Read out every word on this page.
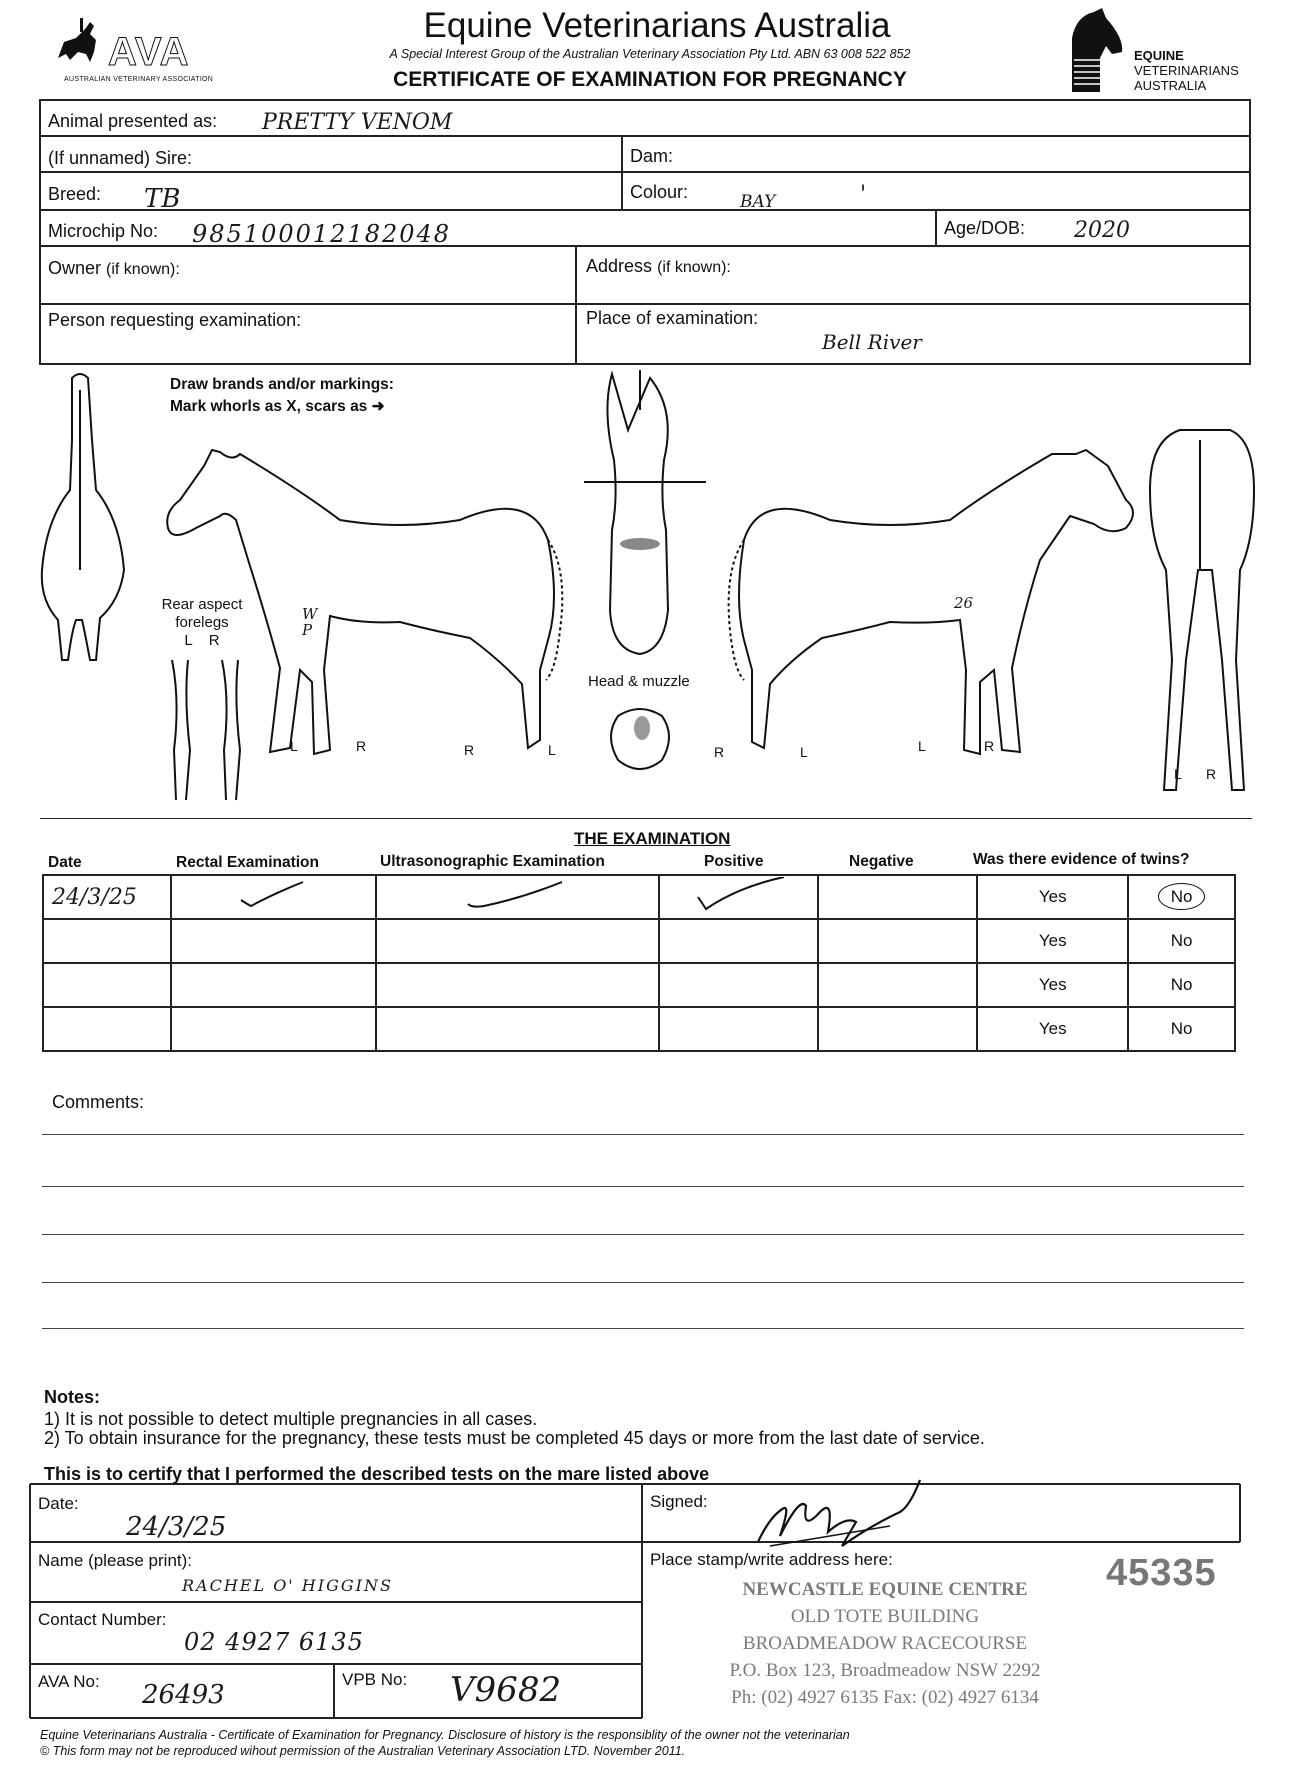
AVA
AUSTRALIAN VETERINARY ASSOCIATION
Equine Veterinarians Australia
A Special Interest Group of the Australian Veterinary Association Pty Ltd. ABN 63 008 522 852
CERTIFICATE OF EXAMINATION FOR PREGNANCY
EQUINE
VETERINARIANS
AUSTRALIA
Animal presented as: PRETTY VENOM
(If unnamed) Sire:	Dam:
Breed: TB	Colour:	BAY	'
Microchip No: 985100012182048	Age/DOB: 2020
Owner (if known):	Address (if known):
Person requesting examination:	Place of examination:
Bell River
Draw brands and/or markings:
Mark whorls as X, scars as ➜
Rear aspect
forelegs
L    R
Head & muzzle
W P
26
L	R	R	L	R	L	L	R
L R
THE EXAMINATION
Date	Rectal Examination	Ultrasonographic Examination	Positive	Negative	Was there evidence of twins?
24/3/25					Yes	No
					Yes	No
					Yes	No
					Yes	No
Comments:
Notes:
1) It is not possible to detect multiple pregnancies in all cases.
2) To obtain insurance for the pregnancy, these tests must be completed 45 days or more from the last date of service.
This is to certify that I performed the described tests on the mare listed above
Date:
24/3/25
Signed:
Name (please print):
RACHEL O' HIGGINS
Contact Number:
02 4927 6135
AVA No: 26493
VPB No: V9682
Place stamp/write address here:	45335
NEWCASTLE EQUINE CENTRE
OLD TOTE BUILDING
BROADMEADOW RACECOURSE
P.O. Box 123, Broadmeadow NSW 2292
Ph: (02) 4927 6135 Fax: (02) 4927 6134
Equine Veterinarians Australia - Certificate of Examination for Pregnancy. Disclosure of history is the responsiblity of the owner not the veterinarian
© This form may not be reproduced wihout permission of the Australian Veterinary Association LTD. November 2011.
